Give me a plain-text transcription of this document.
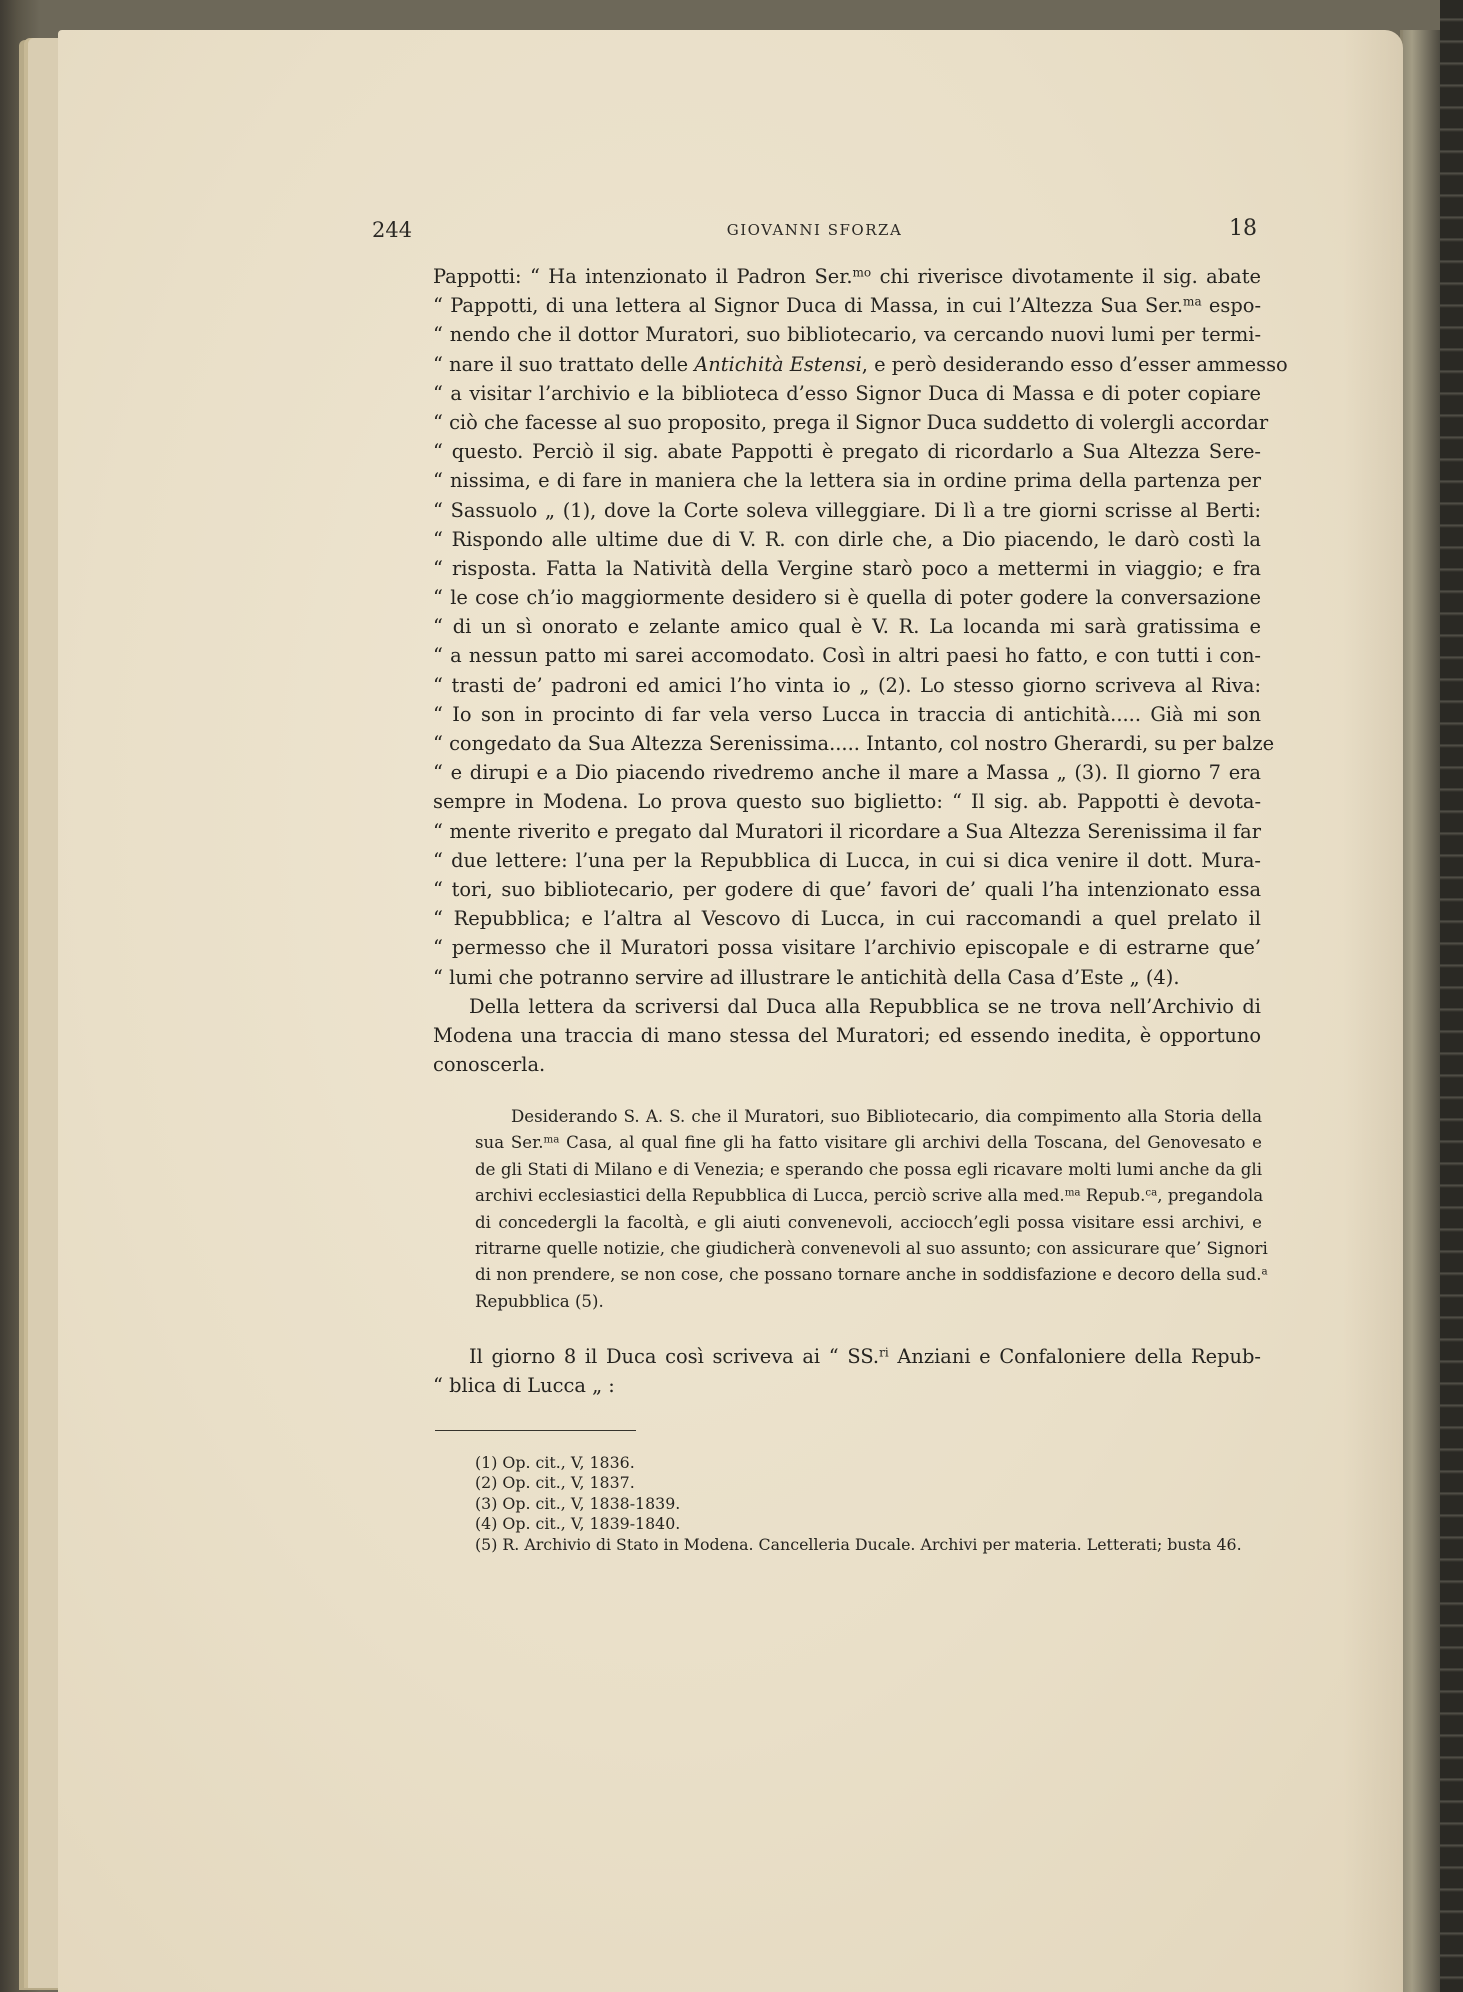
244	GIOVANNI SFORZA	18
Pappotti: “ Ha intenzionato il Padron Ser.$^{mo}$ chi riverisce divotamente il sig. abate
“ Pappotti, di una lettera al Signor Duca di Massa, in cui l’Altezza Sua Ser.$^{ma}$ espo-
“ nendo che il dottor Muratori, suo bibliotecario, va cercando nuovi lumi per termi-
“ nare il suo trattato delle Antichità Estensi, e però desiderando esso d’esser ammesso
“ a visitar l’archivio e la biblioteca d’esso Signor Duca di Massa e di poter copiare
“ ciò che facesse al suo proposito, prega il Signor Duca suddetto di volergli accordar
“ questo. Perciò il sig. abate Pappotti è pregato di ricordarlo a Sua Altezza Sere-
“ nissima, e di fare in maniera che la lettera sia in ordine prima della partenza per
“ Sassuolo „ (1), dove la Corte soleva villeggiare. Di lì a tre giorni scrisse al Berti:
“ Rispondo alle ultime due di V. R. con dirle che, a Dio piacendo, le darò costì la
“ risposta. Fatta la Natività della Vergine starò poco a mettermi in viaggio; e fra
“ le cose ch’io maggiormente desidero si è quella di poter godere la conversazione
“ di un sì onorato e zelante amico qual è V. R. La locanda mi sarà gratissima e
“ a nessun patto mi sarei accomodato. Così in altri paesi ho fatto, e con tutti i con-
“ trasti de’ padroni ed amici l’ho vinta io „ (2). Lo stesso giorno scriveva al Riva:
“ Io son in procinto di far vela verso Lucca in traccia di antichità..... Già mi son
“ congedato da Sua Altezza Serenissima..... Intanto, col nostro Gherardi, su per balze
“ e dirupi e a Dio piacendo rivedremo anche il mare a Massa „ (3). Il giorno 7 era
sempre in Modena. Lo prova questo suo biglietto: “ Il sig. ab. Pappotti è devota-
“ mente riverito e pregato dal Muratori il ricordare a Sua Altezza Serenissima il far
“ due lettere: l’una per la Repubblica di Lucca, in cui si dica venire il dott. Mura-
“ tori, suo bibliotecario, per godere di que’ favori de’ quali l’ha intenzionato essa
“ Repubblica; e l’altra al Vescovo di Lucca, in cui raccomandi a quel prelato il
“ permesso che il Muratori possa visitare l’archivio episcopale e di estrarne que’
“ lumi che potranno servire ad illustrare le antichità della Casa d’Este „ (4).
Della lettera da scriversi dal Duca alla Repubblica se ne trova nell’Archivio di
Modena una traccia di mano stessa del Muratori; ed essendo inedita, è opportuno
conoscerla.
Desiderando S. A. S. che il Muratori, suo Bibliotecario, dia compimento alla Storia della
sua Ser.$^{ma}$ Casa, al qual fine gli ha fatto visitare gli archivi della Toscana, del Genovesato e
de gli Stati di Milano e di Venezia; e sperando che possa egli ricavare molti lumi anche da gli
archivi ecclesiastici della Repubblica di Lucca, perciò scrive alla med.$^{ma}$ Repub.$^{ca}$, pregandola
di concedergli la facoltà, e gli aiuti convenevoli, acciocch’egli possa visitare essi archivi, e
ritrarne quelle notizie, che giudicherà convenevoli al suo assunto; con assicurare que’ Signori
di non prendere, se non cose, che possano tornare anche in soddisfazione e decoro della sud.$^a$
Repubblica (5).
Il giorno 8 il Duca così scriveva ai “ SS.$^{ri}$ Anziani e Confaloniere della Repub-
“ blica di Lucca „ :
(1) Op. cit., V, 1836.
(2) Op. cit., V, 1837.
(3) Op. cit., V, 1838-1839.
(4) Op. cit., V, 1839-1840.
(5) R. Archivio di Stato in Modena. Cancelleria Ducale. Archivi per materia. Letterati; busta 46.
